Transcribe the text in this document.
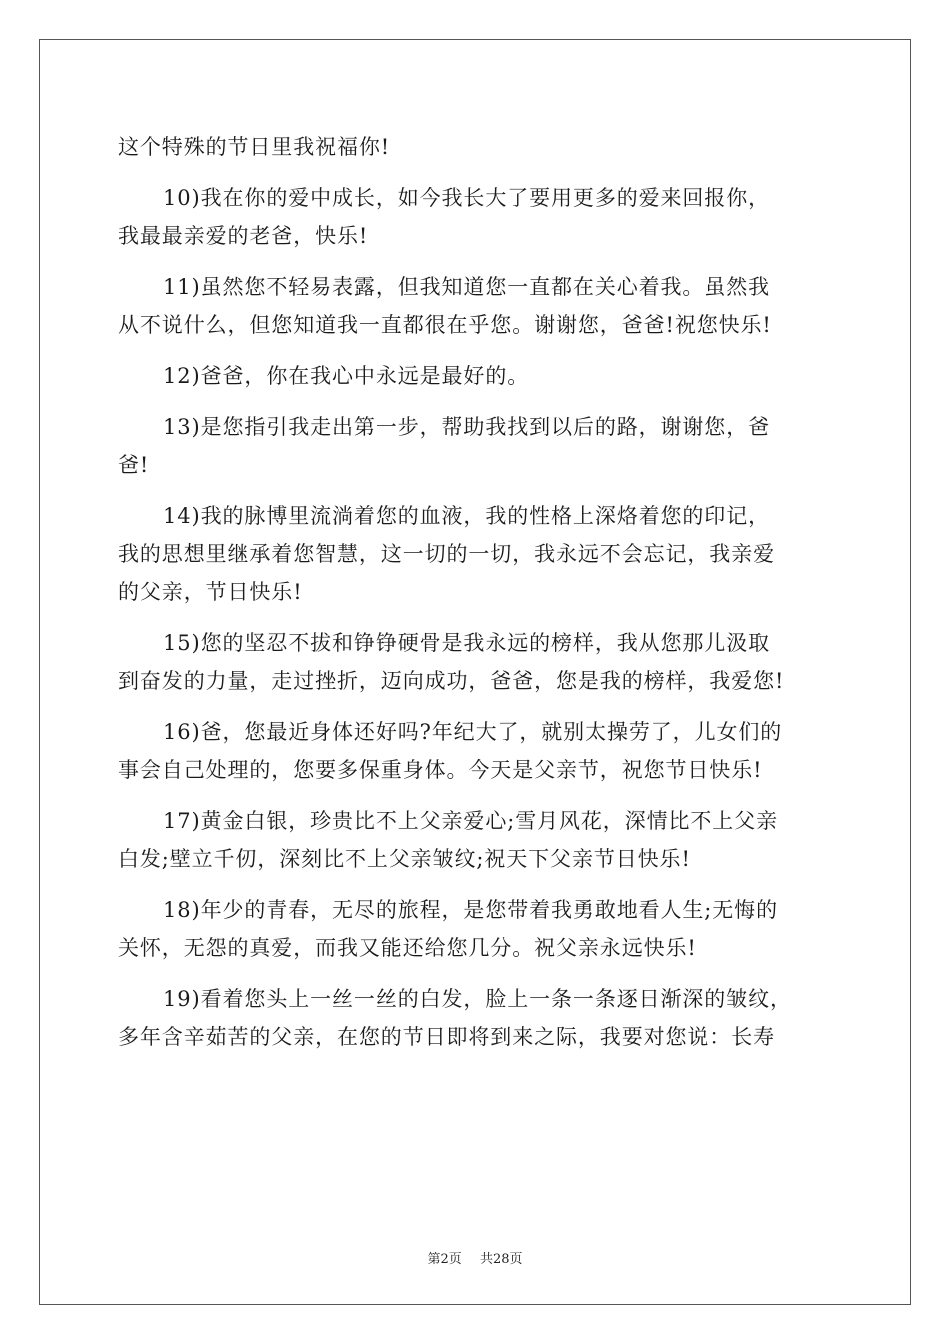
这个特殊的节日里我祝福你!
10)我在你的爱中成长，如今我长大了要用更多的爱来回报你，
我最最亲爱的老爸，快乐!
11)虽然您不轻易表露，但我知道您一直都在关心着我。虽然我
从不说什么，但您知道我一直都很在乎您。谢谢您，爸爸!祝您快乐!
12)爸爸，你在我心中永远是最好的。
13)是您指引我走出第一步，帮助我找到以后的路，谢谢您，爸
爸!
14)我的脉博里流淌着您的血液，我的性格上深烙着您的印记，
我的思想里继承着您智慧，这一切的一切，我永远不会忘记，我亲爱
的父亲，节日快乐!
15)您的坚忍不拔和铮铮硬骨是我永远的榜样，我从您那儿汲取
到奋发的力量，走过挫折，迈向成功，爸爸，您是我的榜样，我爱您!
16)爸，您最近身体还好吗?年纪大了，就别太操劳了，儿女们的
事会自己处理的，您要多保重身体。今天是父亲节，祝您节日快乐!
17)黄金白银，珍贵比不上父亲爱心;雪月风花，深情比不上父亲
白发;壁立千仞，深刻比不上父亲皱纹;祝天下父亲节日快乐!
18)年少的青春，无尽的旅程，是您带着我勇敢地看人生;无悔的
关怀，无怨的真爱，而我又能还给您几分。祝父亲永远快乐!
19)看着您头上一丝一丝的白发，脸上一条一条逐日渐深的皱纹，
多年含辛茹苦的父亲，在您的节日即将到来之际，我要对您说：长寿
第2页 共28页
